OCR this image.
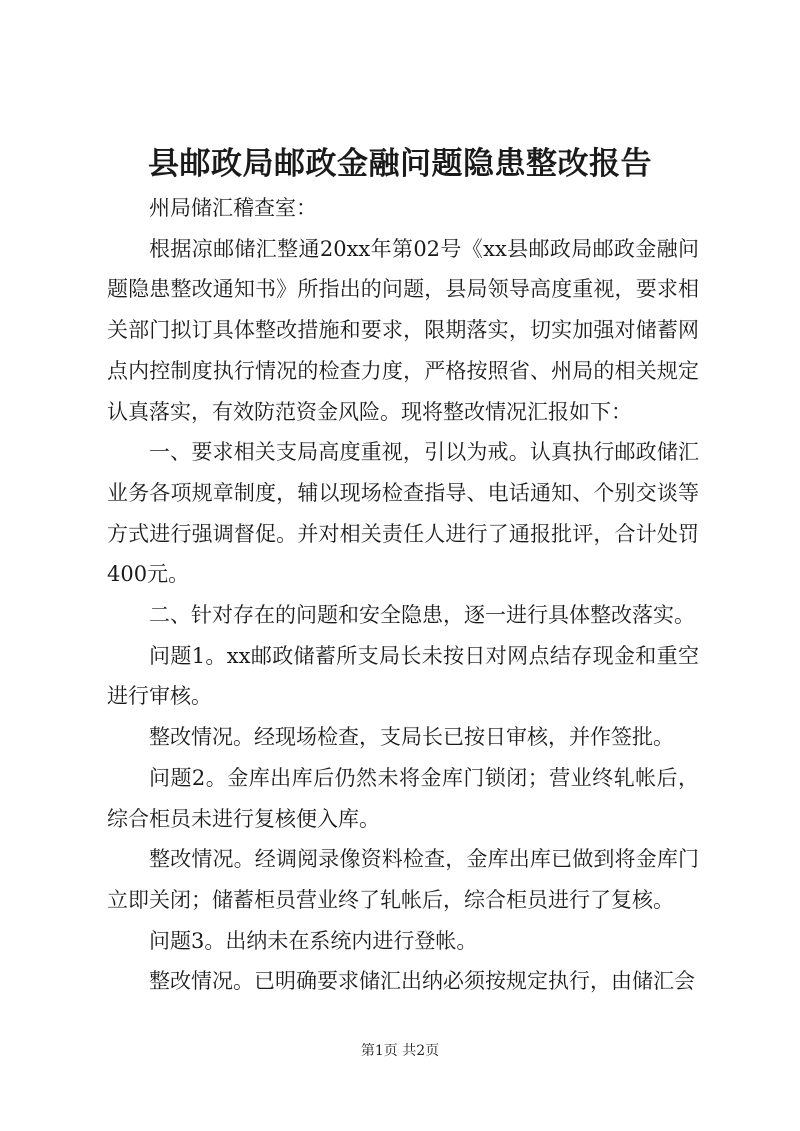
县邮政局邮政金融问题隐患整改报告

州局储汇稽查室：

根据凉邮储汇整通20xx年第02号《xx县邮政局邮政金融问题隐患整改通知书》所指出的问题，县局领导高度重视，要求相关部门拟订具体整改措施和要求，限期落实，切实加强对储蓄网点内控制度执行情况的检查力度，严格按照省、州局的相关规定认真落实，有效防范资金风险。现将整改情况汇报如下：

一、要求相关支局高度重视，引以为戒。认真执行邮政储汇业务各项规章制度，辅以现场检查指导、电话通知、个别交谈等方式进行强调督促。并对相关责任人进行了通报批评，合计处罚400元。

二、针对存在的问题和安全隐患，逐一进行具体整改落实。

问题1。xx邮政储蓄所支局长未按日对网点结存现金和重空进行审核。

整改情况。经现场检查，支局长已按日审核，并作签批。

问题2。金库出库后仍然未将金库门锁闭；营业终轧帐后，综合柜员未进行复核便入库。

整改情况。经调阅录像资料检查，金库出库已做到将金库门立即关闭；储蓄柜员营业终了轧帐后，综合柜员进行了复核。

问题3。出纳未在系统内进行登帐。

整改情况。已明确要求储汇出纳必须按规定执行，由储汇会

第1页 共2页
